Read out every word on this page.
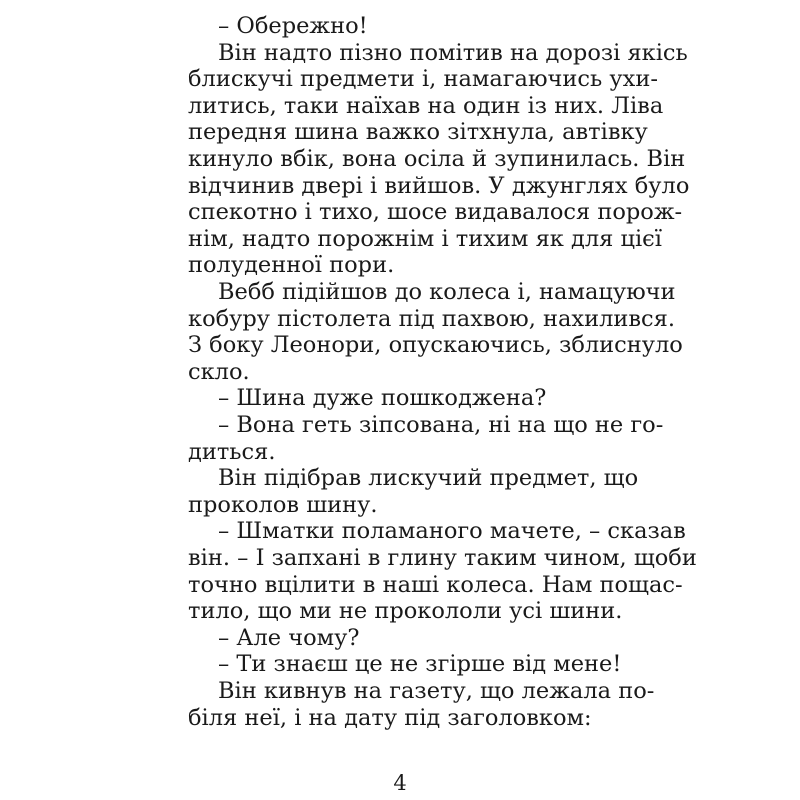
– Обережно!
Він надто пізно помітив на дорозі якісь
блискучі предмети і, намагаючись ухи-
литись, таки наїхав на один із них. Ліва
передня шина важко зітхнула, автівку
кинуло вбік, вона осіла й зупинилась. Він
відчинив двері і вийшов. У джунглях було
спекотно і тихо, шосе видавалося порож-
нім, надто порожнім і тихим як для цієї
полуденної пори.
Вебб підійшов до колеса і, намацуючи
кобуру пістолета під пахвою, нахилився.
З боку Леонори, опускаючись, зблиснуло
скло.
– Шина дуже пошкоджена?
– Вона геть зіпсована, ні на що не го-
диться.
Він підібрав лискучий предмет, що
проколов шину.
– Шматки поламаного мачете, – сказав
він. – І запхані в глину таким чином, щоби
точно вцілити в наші колеса. Нам пощас-
тило, що ми не прокололи усі шини.
– Але чому?
– Ти знаєш це не згірше від мене!
Він кивнув на газету, що лежала по-
біля неї, і на дату під заголовком:
4
